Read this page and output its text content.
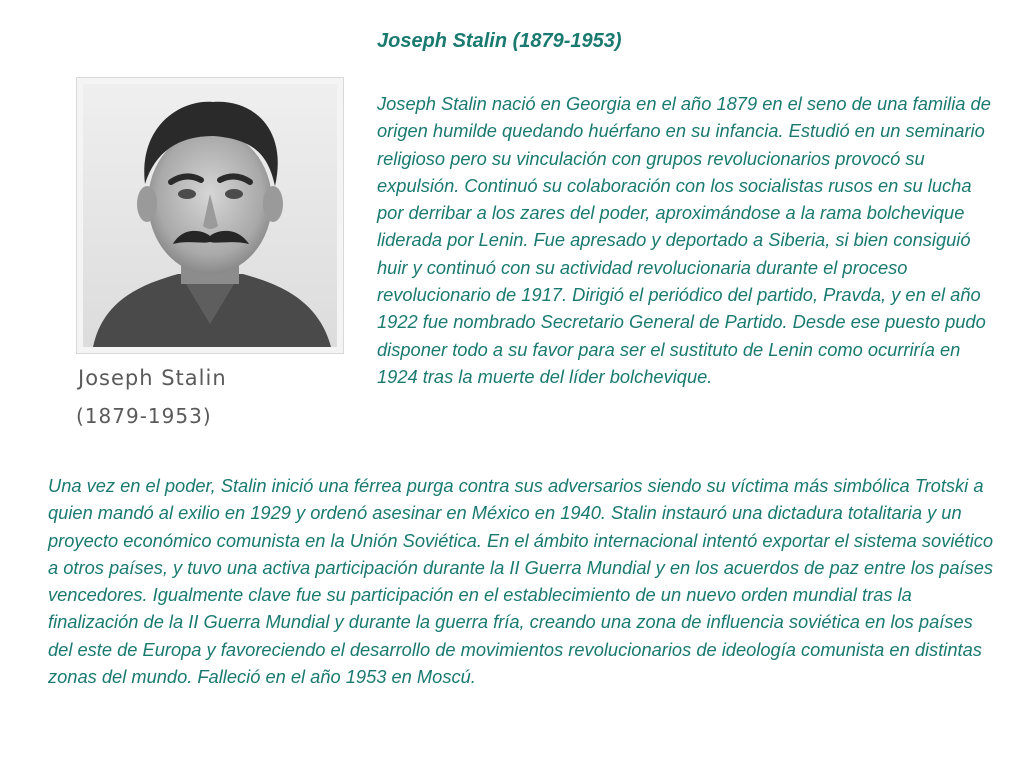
Joseph Stalin (1879-1953)
Joseph Stalin
(1879-1953)

Joseph Stalin nació en Georgia en el año 1879 en el seno de una familia de origen humilde quedando huérfano en su infancia. Estudió en un seminario religioso pero su vinculación con grupos revolucionarios provocó su expulsión. Continuó su colaboración con los socialistas rusos en su lucha por derribar a los zares del poder, aproximándose a la rama bolchevique liderada por Lenin. Fue apresado y deportado a Siberia, si bien consiguió huir y continuó con su actividad revolucionaria durante el proceso revolucionario de 1917. Dirigió el periódico del partido, Pravda, y en el año 1922 fue nombrado Secretario General de Partido. Desde ese puesto pudo disponer todo a su favor para ser el sustituto de Lenin como ocurriría en 1924 tras la muerte del líder bolchevique.

Una vez en el poder, Stalin inició una férrea purga contra sus adversarios siendo su víctima más simbólica Trotski a quien mandó al exilio en 1929 y ordenó asesinar en México en 1940. Stalin instauró una dictadura totalitaria y un proyecto económico comunista en la Unión Soviética. En el ámbito internacional intentó exportar el sistema soviético a otros países, y tuvo una activa participación durante la II Guerra Mundial y en los acuerdos de paz entre los países vencedores. Igualmente clave fue su participación en el establecimiento de un nuevo orden mundial tras la finalización de la II Guerra Mundial y durante la guerra fría, creando una zona de influencia soviética en los países del este de Europa y favoreciendo el desarrollo de movimientos revolucionarios de ideología comunista en distintas zonas del mundo. Falleció en el año 1953 en Moscú.
